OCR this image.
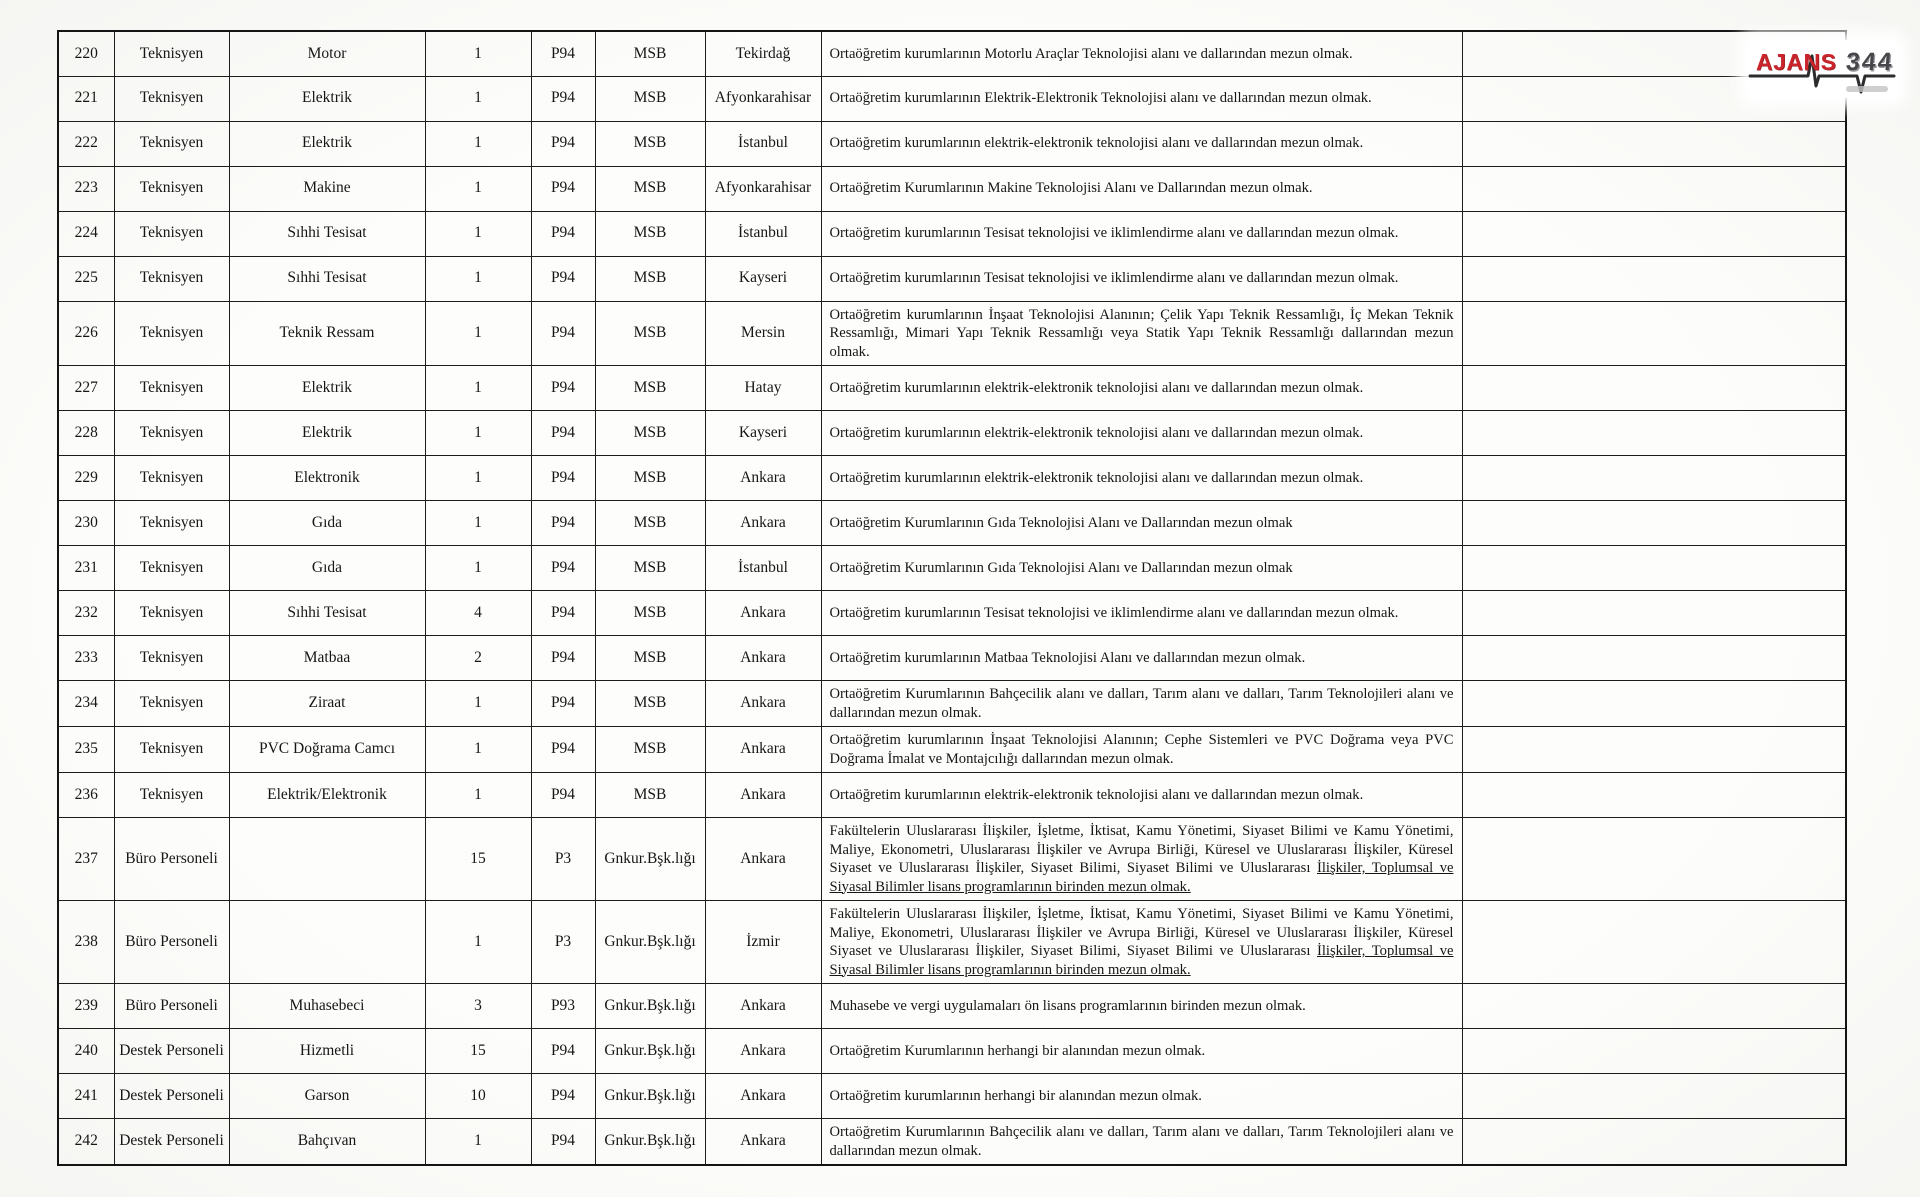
220	Teknisyen	Motor	1	P94	MSB	Tekirdağ	Ortaöğretim kurumlarının Motorlu Araçlar Teknolojisi alanı ve dallarından mezun olmak.	
221	Teknisyen	Elektrik	1	P94	MSB	Afyonkarahisar	Ortaöğretim kurumlarının Elektrik-Elektronik Teknolojisi alanı ve dallarından mezun olmak.	
222	Teknisyen	Elektrik	1	P94	MSB	İstanbul	Ortaöğretim kurumlarının elektrik-elektronik teknolojisi alanı ve dallarından mezun olmak.	
223	Teknisyen	Makine	1	P94	MSB	Afyonkarahisar	Ortaöğretim Kurumlarının Makine Teknolojisi Alanı ve Dallarından mezun olmak.	
224	Teknisyen	Sıhhi Tesisat	1	P94	MSB	İstanbul	Ortaöğretim kurumlarının Tesisat teknolojisi ve iklimlendirme alanı ve dallarından mezun olmak.	
225	Teknisyen	Sıhhi Tesisat	1	P94	MSB	Kayseri	Ortaöğretim kurumlarının Tesisat teknolojisi ve iklimlendirme alanı ve dallarından mezun olmak.	
226	Teknisyen	Teknik Ressam	1	P94	MSB	Mersin	Ortaöğretim kurumlarının İnşaat Teknolojisi Alanının; Çelik Yapı Teknik Ressamlığı, İç Mekan Teknik Ressamlığı, Mimari Yapı Teknik Ressamlığı veya Statik Yapı Teknik Ressamlığı dallarından mezun olmak.	
227	Teknisyen	Elektrik	1	P94	MSB	Hatay	Ortaöğretim kurumlarının elektrik-elektronik teknolojisi alanı ve dallarından mezun olmak.	
228	Teknisyen	Elektrik	1	P94	MSB	Kayseri	Ortaöğretim kurumlarının elektrik-elektronik teknolojisi alanı ve dallarından mezun olmak.	
229	Teknisyen	Elektronik	1	P94	MSB	Ankara	Ortaöğretim kurumlarının elektrik-elektronik teknolojisi alanı ve dallarından mezun olmak.	
230	Teknisyen	Gıda	1	P94	MSB	Ankara	Ortaöğretim Kurumlarının Gıda Teknolojisi Alanı ve Dallarından mezun olmak	
231	Teknisyen	Gıda	1	P94	MSB	İstanbul	Ortaöğretim Kurumlarının Gıda Teknolojisi Alanı ve Dallarından mezun olmak	
232	Teknisyen	Sıhhi Tesisat	4	P94	MSB	Ankara	Ortaöğretim kurumlarının Tesisat teknolojisi ve iklimlendirme alanı ve dallarından mezun olmak.	
233	Teknisyen	Matbaa	2	P94	MSB	Ankara	Ortaöğretim kurumlarının Matbaa Teknolojisi Alanı ve dallarından mezun olmak.	
234	Teknisyen	Ziraat	1	P94	MSB	Ankara	Ortaöğretim Kurumlarının Bahçecilik alanı ve dalları, Tarım alanı ve dalları, Tarım Teknolojileri alanı ve dallarından mezun olmak.	
235	Teknisyen	PVC Doğrama Camcı	1	P94	MSB	Ankara	Ortaöğretim kurumlarının İnşaat Teknolojisi Alanının; Cephe Sistemleri ve PVC Doğrama veya PVC Doğrama İmalat ve Montajcılığı dallarından mezun olmak.	
236	Teknisyen	Elektrik/Elektronik	1	P94	MSB	Ankara	Ortaöğretim kurumlarının elektrik-elektronik teknolojisi alanı ve dallarından mezun olmak.	
237	Büro Personeli		15	P3	Gnkur.Bşk.lığı	Ankara	Fakültelerin Uluslararası İlişkiler, İşletme, İktisat, Kamu Yönetimi, Siyaset Bilimi ve Kamu Yönetimi, Maliye, Ekonometri, Uluslararası İlişkiler ve Avrupa Birliği, Küresel ve Uluslararası İlişkiler, Küresel Siyaset ve Uluslararası İlişkiler, Siyaset Bilimi, Siyaset Bilimi ve Uluslararası İlişkiler, Toplumsal ve Siyasal Bilimler lisans programlarının birinden mezun olmak.	
238	Büro Personeli		1	P3	Gnkur.Bşk.lığı	İzmir	Fakültelerin Uluslararası İlişkiler, İşletme, İktisat, Kamu Yönetimi, Siyaset Bilimi ve Kamu Yönetimi, Maliye, Ekonometri, Uluslararası İlişkiler ve Avrupa Birliği, Küresel ve Uluslararası İlişkiler, Küresel Siyaset ve Uluslararası İlişkiler, Siyaset Bilimi, Siyaset Bilimi ve Uluslararası İlişkiler, Toplumsal ve Siyasal Bilimler lisans programlarının birinden mezun olmak.	
239	Büro Personeli	Muhasebeci	3	P93	Gnkur.Bşk.lığı	Ankara	Muhasebe ve vergi uygulamaları ön lisans programlarının birinden mezun olmak.	
240	Destek Personeli	Hizmetli	15	P94	Gnkur.Bşk.lığı	Ankara	Ortaöğretim Kurumlarının herhangi bir alanından mezun olmak.	
241	Destek Personeli	Garson	10	P94	Gnkur.Bşk.lığı	Ankara	Ortaöğretim kurumlarının herhangi bir alanından mezun olmak.	
242	Destek Personeli	Bahçıvan	1	P94	Gnkur.Bşk.lığı	Ankara	Ortaöğretim Kurumlarının Bahçecilik alanı ve dalları, Tarım alanı ve dalları, Tarım Teknolojileri alanı ve dallarından mezun olmak.	
AJANS 344
